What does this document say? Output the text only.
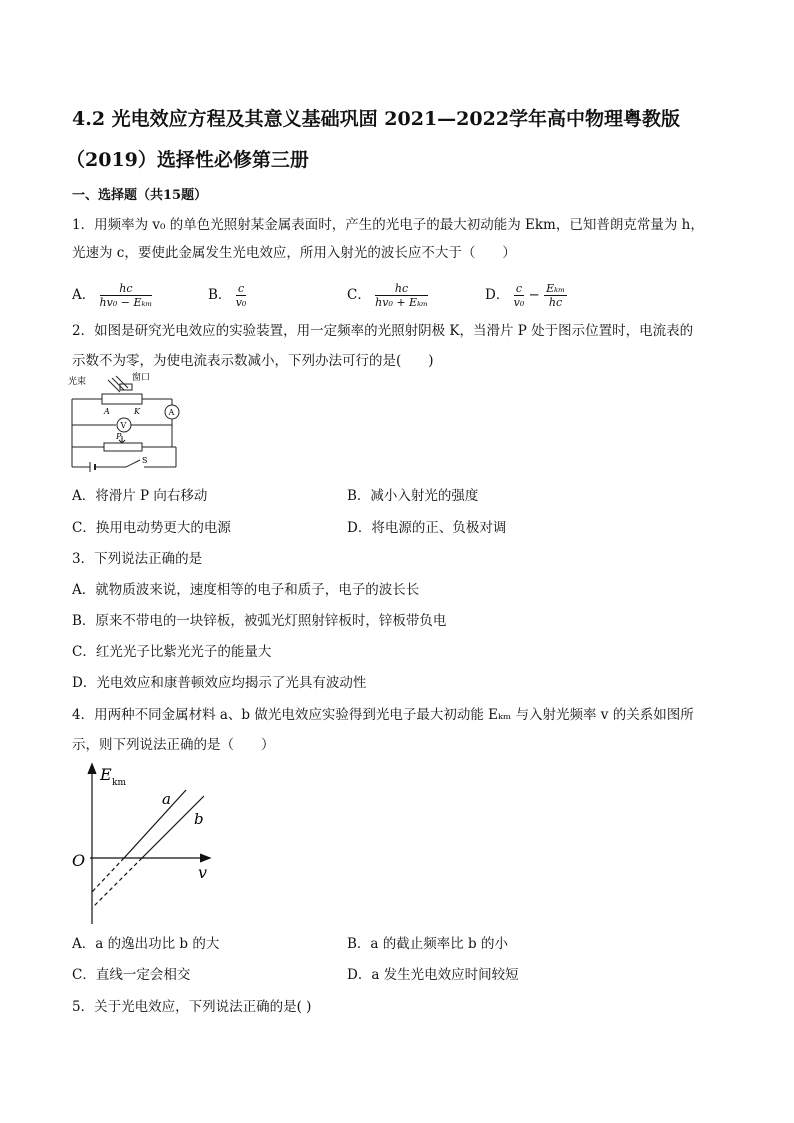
4.2 光电效应方程及其意义基础巩固 2021—2022学年高中物理粤教版
（2019）选择性必修第三册
一、选择题（共15题）
1．用频率为 v₀ 的单色光照射某金属表面时，产生的光电子的最大初动能为 Ekm，已知普朗克常量为 h，
光速为 c，要使此金属发生光电效应，所用入射光的波长应不大于（　　）
A． $\frac{hc}{\text{hv₀ − Eₖₘ}}$	B． $\frac{c}{\text{v₀}}$	C． $\frac{hc}{\text{hv₀ + Eₖₘ}}$	D． $\frac{c}{\text{v₀}} - \frac{\text{Eₖₘ}}{hc}$
2．如图是研究光电效应的实验装置，用一定频率的光照射阴极 K，当滑片 P 处于图示位置时，电流表的
示数不为零，为使电流表示数减小，下列办法可行的是(　　)
光束	窗口
A	K	A
V
P
S
A．将滑片 P 向右移动	B．减小入射光的强度
C．换用电动势更大的电源	D．将电源的正、负极对调
3．下列说法正确的是
A．就物质波来说，速度相等的电子和质子，电子的波长长
B．原来不带电的一块锌板，被弧光灯照射锌板时，锌板带负电
C．红光光子比紫光光子的能量大
D．光电效应和康普顿效应均揭示了光具有波动性
4．用两种不同金属材料 a、b 做光电效应实验得到光电子最大初动能 Eₖₘ 与入射光频率 v 的关系如图所
示，则下列说法正确的是（　　）
E km
O
v
a
b
A．a 的逸出功比 b 的大	B．a 的截止频率比 b 的小
C．直线一定会相交	D．a 发生光电效应时间较短
5．关于光电效应，下列说法正确的是( )
